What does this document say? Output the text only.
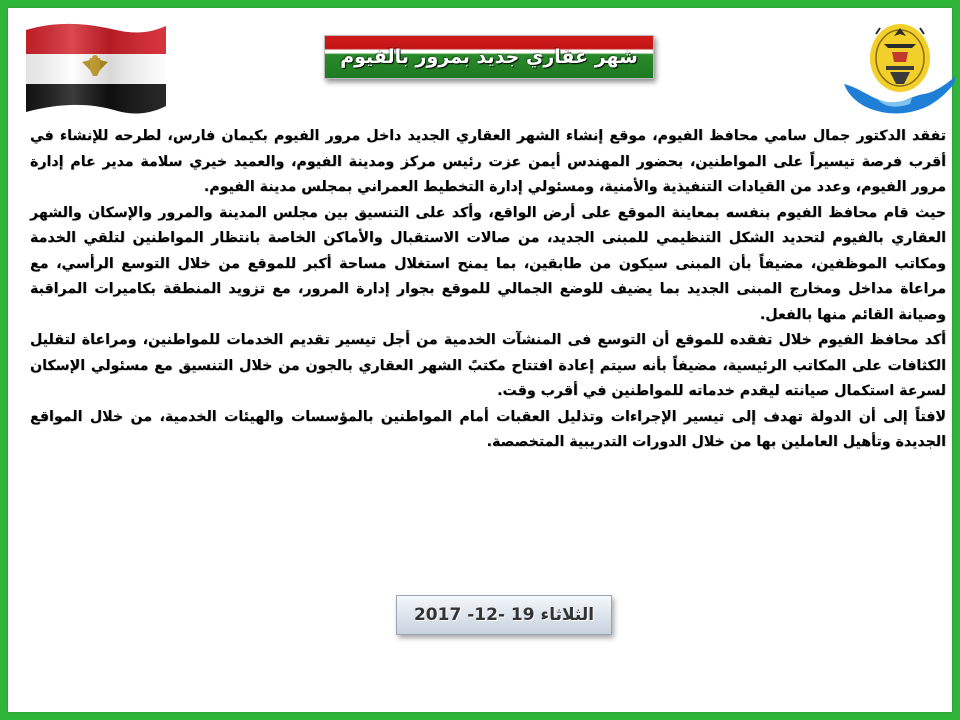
شهر عقاري جديد بمرور بالفيوم

تفقد الدكتور جمال سامي محافظ الفيوم، موقع إنشاء الشهر العقاري الجديد داخل مرور الفيوم بكيمان فارس، لطرحه للإنشاء في أقرب فرصة تيسيراً على المواطنين، بحضور المهندس أيمن عزت رئيس مركز ومدينة الفيوم، والعميد خيري سلامة مدير عام إدارة مرور الفيوم، وعدد من القيادات التنفيذية والأمنية، ومسئولي إدارة التخطيط العمراني بمجلس مدينة الفيوم.

حيث قام محافظ الفيوم بنفسه بمعاينة الموقع على أرض الواقع، وأكد على التنسيق بين مجلس المدينة والمرور والإسكان والشهر العقاري بالفيوم لتحديد الشكل التنظيمي للمبنى الجديد، من صالات الاستقبال والأماكن الخاصة بانتظار المواطنين لتلقي الخدمة ومكاتب الموظفين، مضيفاً بأن المبنى سيكون من طابقين، بما يمنح استغلال مساحة أكبر للموقع من خلال التوسع الرأسي، مع مراعاة مداخل ومخارج المبنى الجديد بما يضيف للوضع الجمالي للموقع بجوار إدارة المرور، مع تزويد المنطقة بكاميرات المراقبة وصيانة القائم منها بالفعل.

أكد محافظ الفيوم خلال تفقده للموقع أن التوسع فى المنشآت الخدمية من أجل تيسير تقديم الخدمات للمواطنين، ومراعاة لتقليل الكثافات على المكاتب الرئيسية، مضيفاً بأنه سيتم إعادة افتتاح مكتبً الشهر العقاري بالجون من خلال التنسيق مع مسئولي الإسكان لسرعة استكمال صيانته ليقدم خدماته للمواطنين في أقرب وقت.

لافتاً إلى أن الدولة تهدف إلى تيسير الإجراءات وتذليل العقبات أمام المواطنين بالمؤسسات والهيئات الخدمية، من خلال المواقع الجديدة وتأهيل العاملين بها من خلال الدورات التدريبية المتخصصة.

الثلاثاء 19 -12- 2017
